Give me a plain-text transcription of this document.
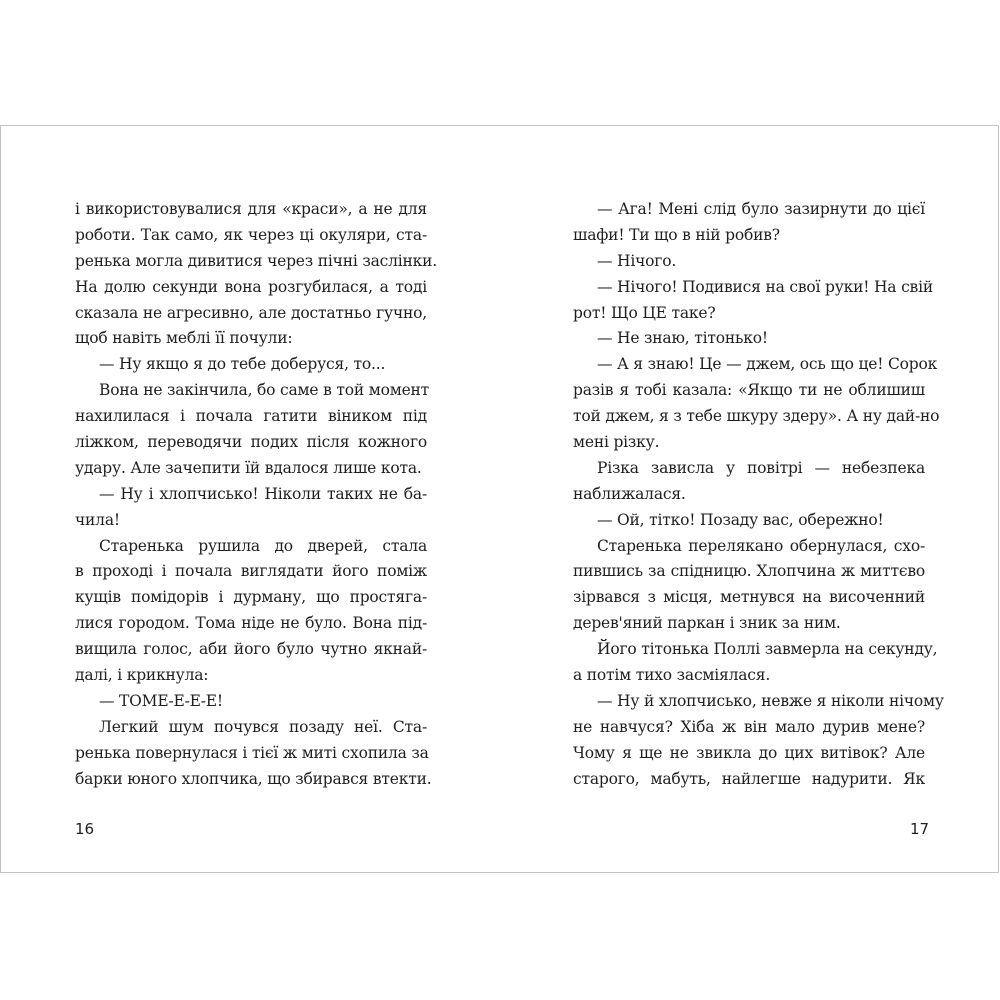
і використовувалися для «краси», а не для
роботи. Так само, як через ці окуляри, ста-
ренька могла дивитися через пічні заслінки.
На долю секунди вона розгубилася, а тоді
сказала не агресивно, але достатньо гучно,
щоб навіть меблі її почули:
— Ну якщо я до тебе доберуся, то...
Вона не закінчила, бо саме в той момент
нахилилася і почала гатити віником під
ліжком, переводячи подих після кожного
удару. Але зачепити їй вдалося лише кота.
— Ну і хлопчисько! Ніколи таких не ба-
чила!
Старенька рушила до дверей, стала
в проході і почала виглядати його поміж
кущів помідорів і дурману, що простяга-
лися городом. Тома ніде не було. Вона під-
вищила голос, аби його було чутно якнай-
далі, і крикнула:
— ТОМЕ-Е-Е-Е!
Легкий шум почувся позаду неї. Ста-
ренька повернулася і тієї ж миті схопила за
барки юного хлопчика, що збирався втекти.
— Ага! Мені слід було зазирнути до цієї
шафи! Ти що в ній робив?
— Нічого.
— Нічого! Подивися на свої руки! На свій
рот! Що ЦЕ таке?
— Не знаю, тітонько!
— А я знаю! Це — джем, ось що це! Сорок
разів я тобі казала: «Якщо ти не облишиш
той джем, я з тебе шкуру здеру». А ну дай-но
мені різку.
Різка зависла у повітрі — небезпека
наближалася.
— Ой, тітко! Позаду вас, обережно!
Старенька перелякано обернулася, схо-
пившись за спідницю. Хлопчина ж миттєво
зірвався з місця, метнувся на височенний
дерев'яний паркан і зник за ним.
Його тітонька Поллі завмерла на секунду,
а потім тихо засміялася.
— Ну й хлопчисько, невже я ніколи нічому
не навчуся? Хіба ж він мало дурив мене?
Чому я ще не звикла до цих витівок? Але
старого, мабуть, найлегше надурити. Як
16	17
